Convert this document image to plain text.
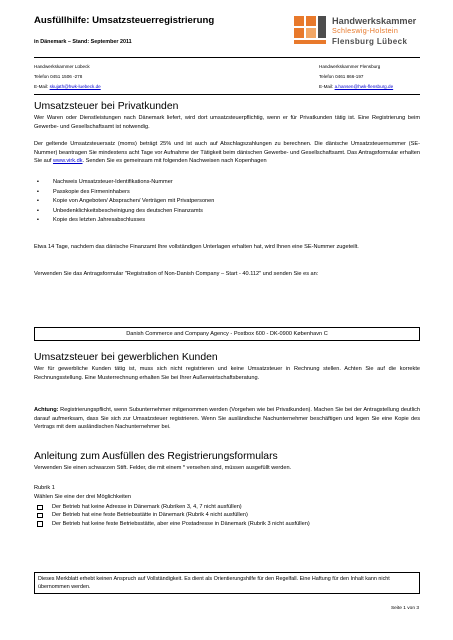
Ausfüllhilfe: Umsatzsteuerregistrierung
in Dänemark – Stand: September 2011
Handwerkskammer
Schleswig-Holstein
Flensburg Lübeck
Handwerkskammer Lübeck
Telefon 0451 1506 -278
E-Mail: skujath@hwk-luebeck.de
Handwerkskammer Flensburg
Telefon 0461 866-197
E-Mail: a.hansen@hwk-flensburg.de
Umsatzsteuer bei Privatkunden
Wer Waren oder Dienstleistungen nach Dänemark liefert, wird dort umsatzsteuerpflichtig, wenn er für Privatkunden tätig ist. Eine Registrierung beim Gewerbe- und Gesellschaftsamt ist notwendig.
Der geltende Umsatzsteuersatz (moms) beträgt 25% und ist auch auf Abschlagszahlungen zu berechnen. Die dänische Umsatzsteuernummer (SE-Nummer) beantragen Sie mindestens acht Tage vor Aufnahme der Tätigkeit beim dänischen Gewerbe- und Gesellschaftsamt. Das Antragsformular erhalten Sie auf www.virk.dk. Senden Sie es gemeinsam mit folgenden Nachweisen nach Kopenhagen
▪	Nachweis Umsatzsteuer-Identifikations-Nummer
▪	Passkopie des Firmeninhabers
▪	Kopie von Angeboten/ Absprachen/ Verträgen mit Privatpersonen
▪	Unbedenklichkeitsbescheinigung des deutschen Finanzamts
▪	Kopie des letzten Jahresabschlusses
Etwa 14 Tage, nachdem das dänische Finanzamt Ihre vollständigen Unterlagen erhalten hat, wird Ihnen eine SE-Nummer zugeteilt.
Verwenden Sie das Antragsformular "Registration of Non-Danish Company – Start - 40.112" und senden Sie es an:
Danish Commerce and Company Agency - Postbox 600 - DK-0900 København C
Umsatzsteuer bei gewerblichen Kunden
Wer für gewerbliche Kunden tätig ist, muss sich nicht registrieren und keine Umsatzsteuer in Rechnung stellen. Achten Sie auf die korrekte Rechnungsstellung. Eine Musterrechnung erhalten Sie bei Ihrer Außenwirtschaftsberatung.
Achtung: Registrierungspflicht, wenn Subunternehmer mitgenommen werden (Vorgehen wie bei Privatkunden). Machen Sie bei der Antragstellung deutlich darauf aufmerksam, dass Sie sich zur Umsatzsteuer registrieren. Wenn Sie ausländische Nachunternehmer beschäftigen und legen Sie eine Kopie des Vertrags mit dem ausländischen Nachunternehmer bei.
Anleitung zum Ausfüllen des Registrierungsformulars
Verwenden Sie einen schwarzen Stift. Felder, die mit einem * versehen sind, müssen ausgefüllt werden.
Rubrik 1
Wählen Sie eine der drei Möglichkeiten
Der Betrieb hat keine Adresse in Dänemark (Rubriken 3, 4, 7 nicht ausfüllen)
Der Betrieb hat eine feste Betriebsstätte in Dänemark (Rubrik 4 nicht ausfüllen)
Der Betrieb hat keine feste Betriebsstätte, aber eine Postadresse in Dänemark (Rubrik 3 nicht ausfüllen)
Dieses Merkblatt erhebt keinen Anspruch auf Vollständigkeit. Es dient als Orientierungshilfe für den Regelfall. Eine Haftung für den Inhalt kann nicht übernommen werden.
Seite 1 von 3
